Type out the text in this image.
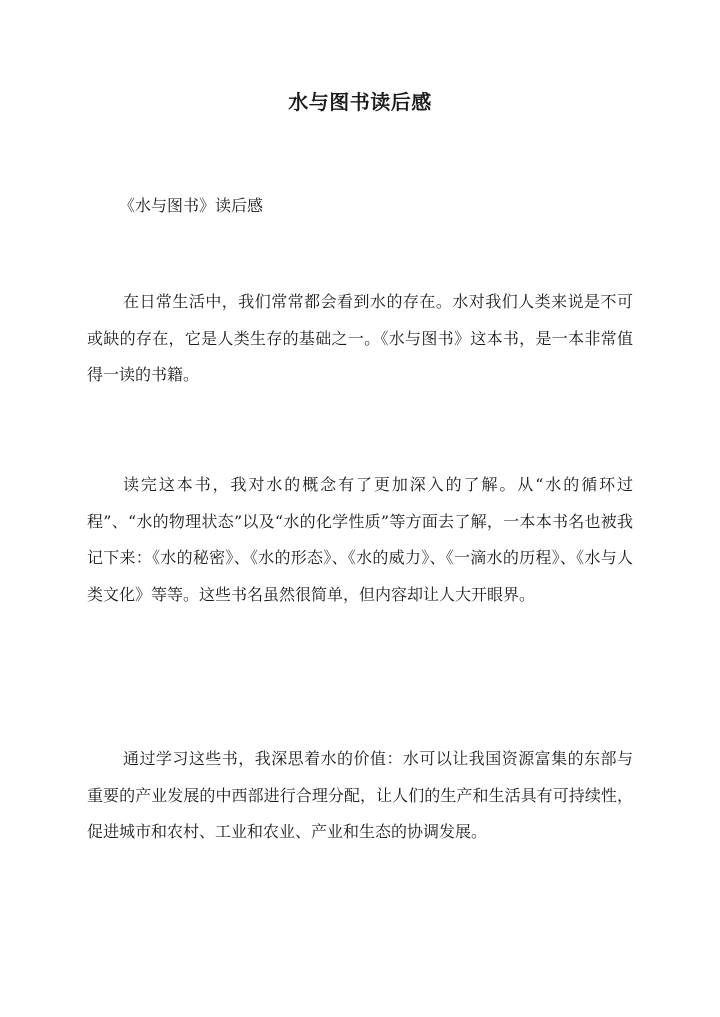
水与图书读后感

《水与图书》读后感

在日常生活中，我们常常都会看到水的存在。水对我们人类来说是不可或缺的存在，它是人类生存的基础之一。《水与图书》这本书，是一本非常值得一读的书籍。

读完这本书，我对水的概念有了更加深入的了解。从“水的循环过程”、“水的物理状态”以及“水的化学性质”等方面去了解，一本本书名也被我记下来：《水的秘密》、《水的形态》、《水的威力》、《一滴水的历程》、《水与人类文化》等等。这些书名虽然很简单，但内容却让人大开眼界。

通过学习这些书，我深思着水的价值：水可以让我国资源富集的东部与重要的产业发展的中西部进行合理分配，让人们的生产和生活具有可持续性，促进城市和农村、工业和农业、产业和生态的协调发展。
